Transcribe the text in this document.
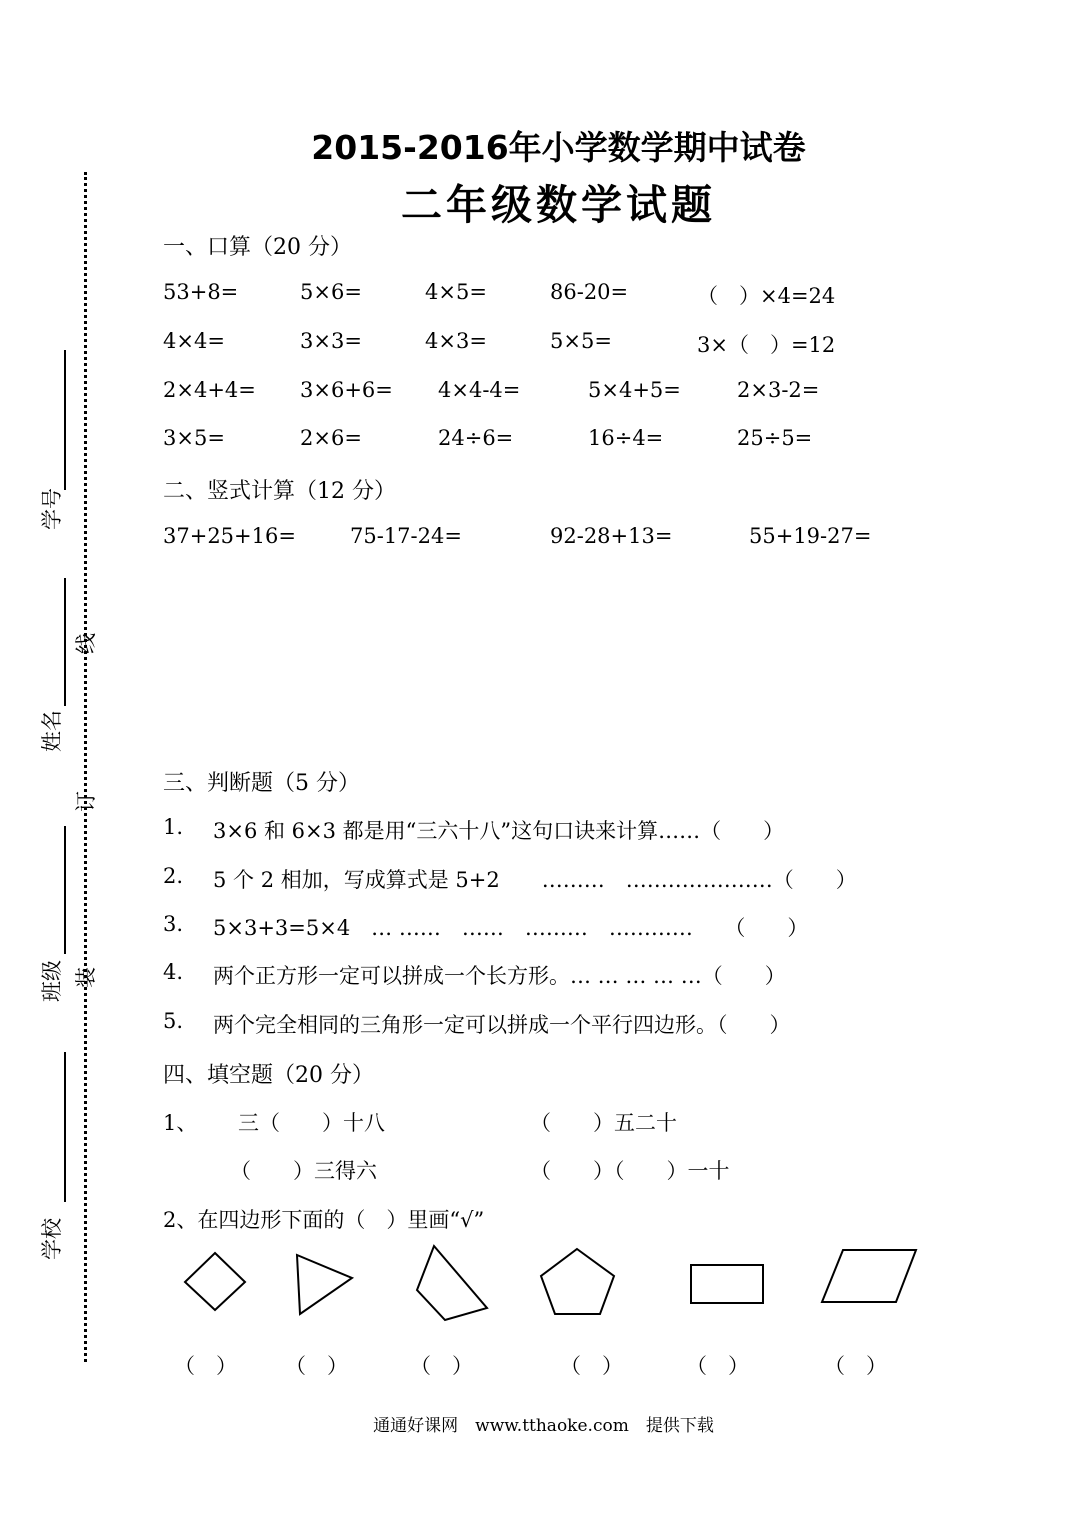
2015-2016年小学数学期中试卷
二年级数学试题
学号
姓名
班级
学校
装
订
线
一、口算（20 分）
53+8=	5×6=	4×5=	86-20=	（　）×4=24
4×4=	3×3=	4×3=	5×5=	3×（　）=12
2×4+4= 3×6+6= 4×4-4=	5×4+5=	2×3-2=
3×5=	2×6=	24÷6=	16÷4=	25÷5=
二、竖式计算（12 分）
37+25+16=	75-17-24=	92-28+13=	55+19-27=
三、判断题（5 分）
1. 3×6 和 6×3 都是用“三六十八”这句口诀来计算……（　　）
2. 5 个 2 相加，写成算式是 5+2　　………　…………………（　　）
3. 5×3+3=5×4　… ……　……　………　…………　　（　　）
4. 两个正方形一定可以拼成一个长方形。… … … … …（　　）
5. 两个完全相同的三角形一定可以拼成一个平行四边形。（　　）
四、填空题（20 分）
1、 三（　　）十八	（　　）五二十
（　　）三得六	（　　）（　　）一十
2、在四边形下面的（　）里画“√”
（　） （　）	（　）	（　）	（　）	（　）
通通好课网　www.tthaoke.com　提供下载
